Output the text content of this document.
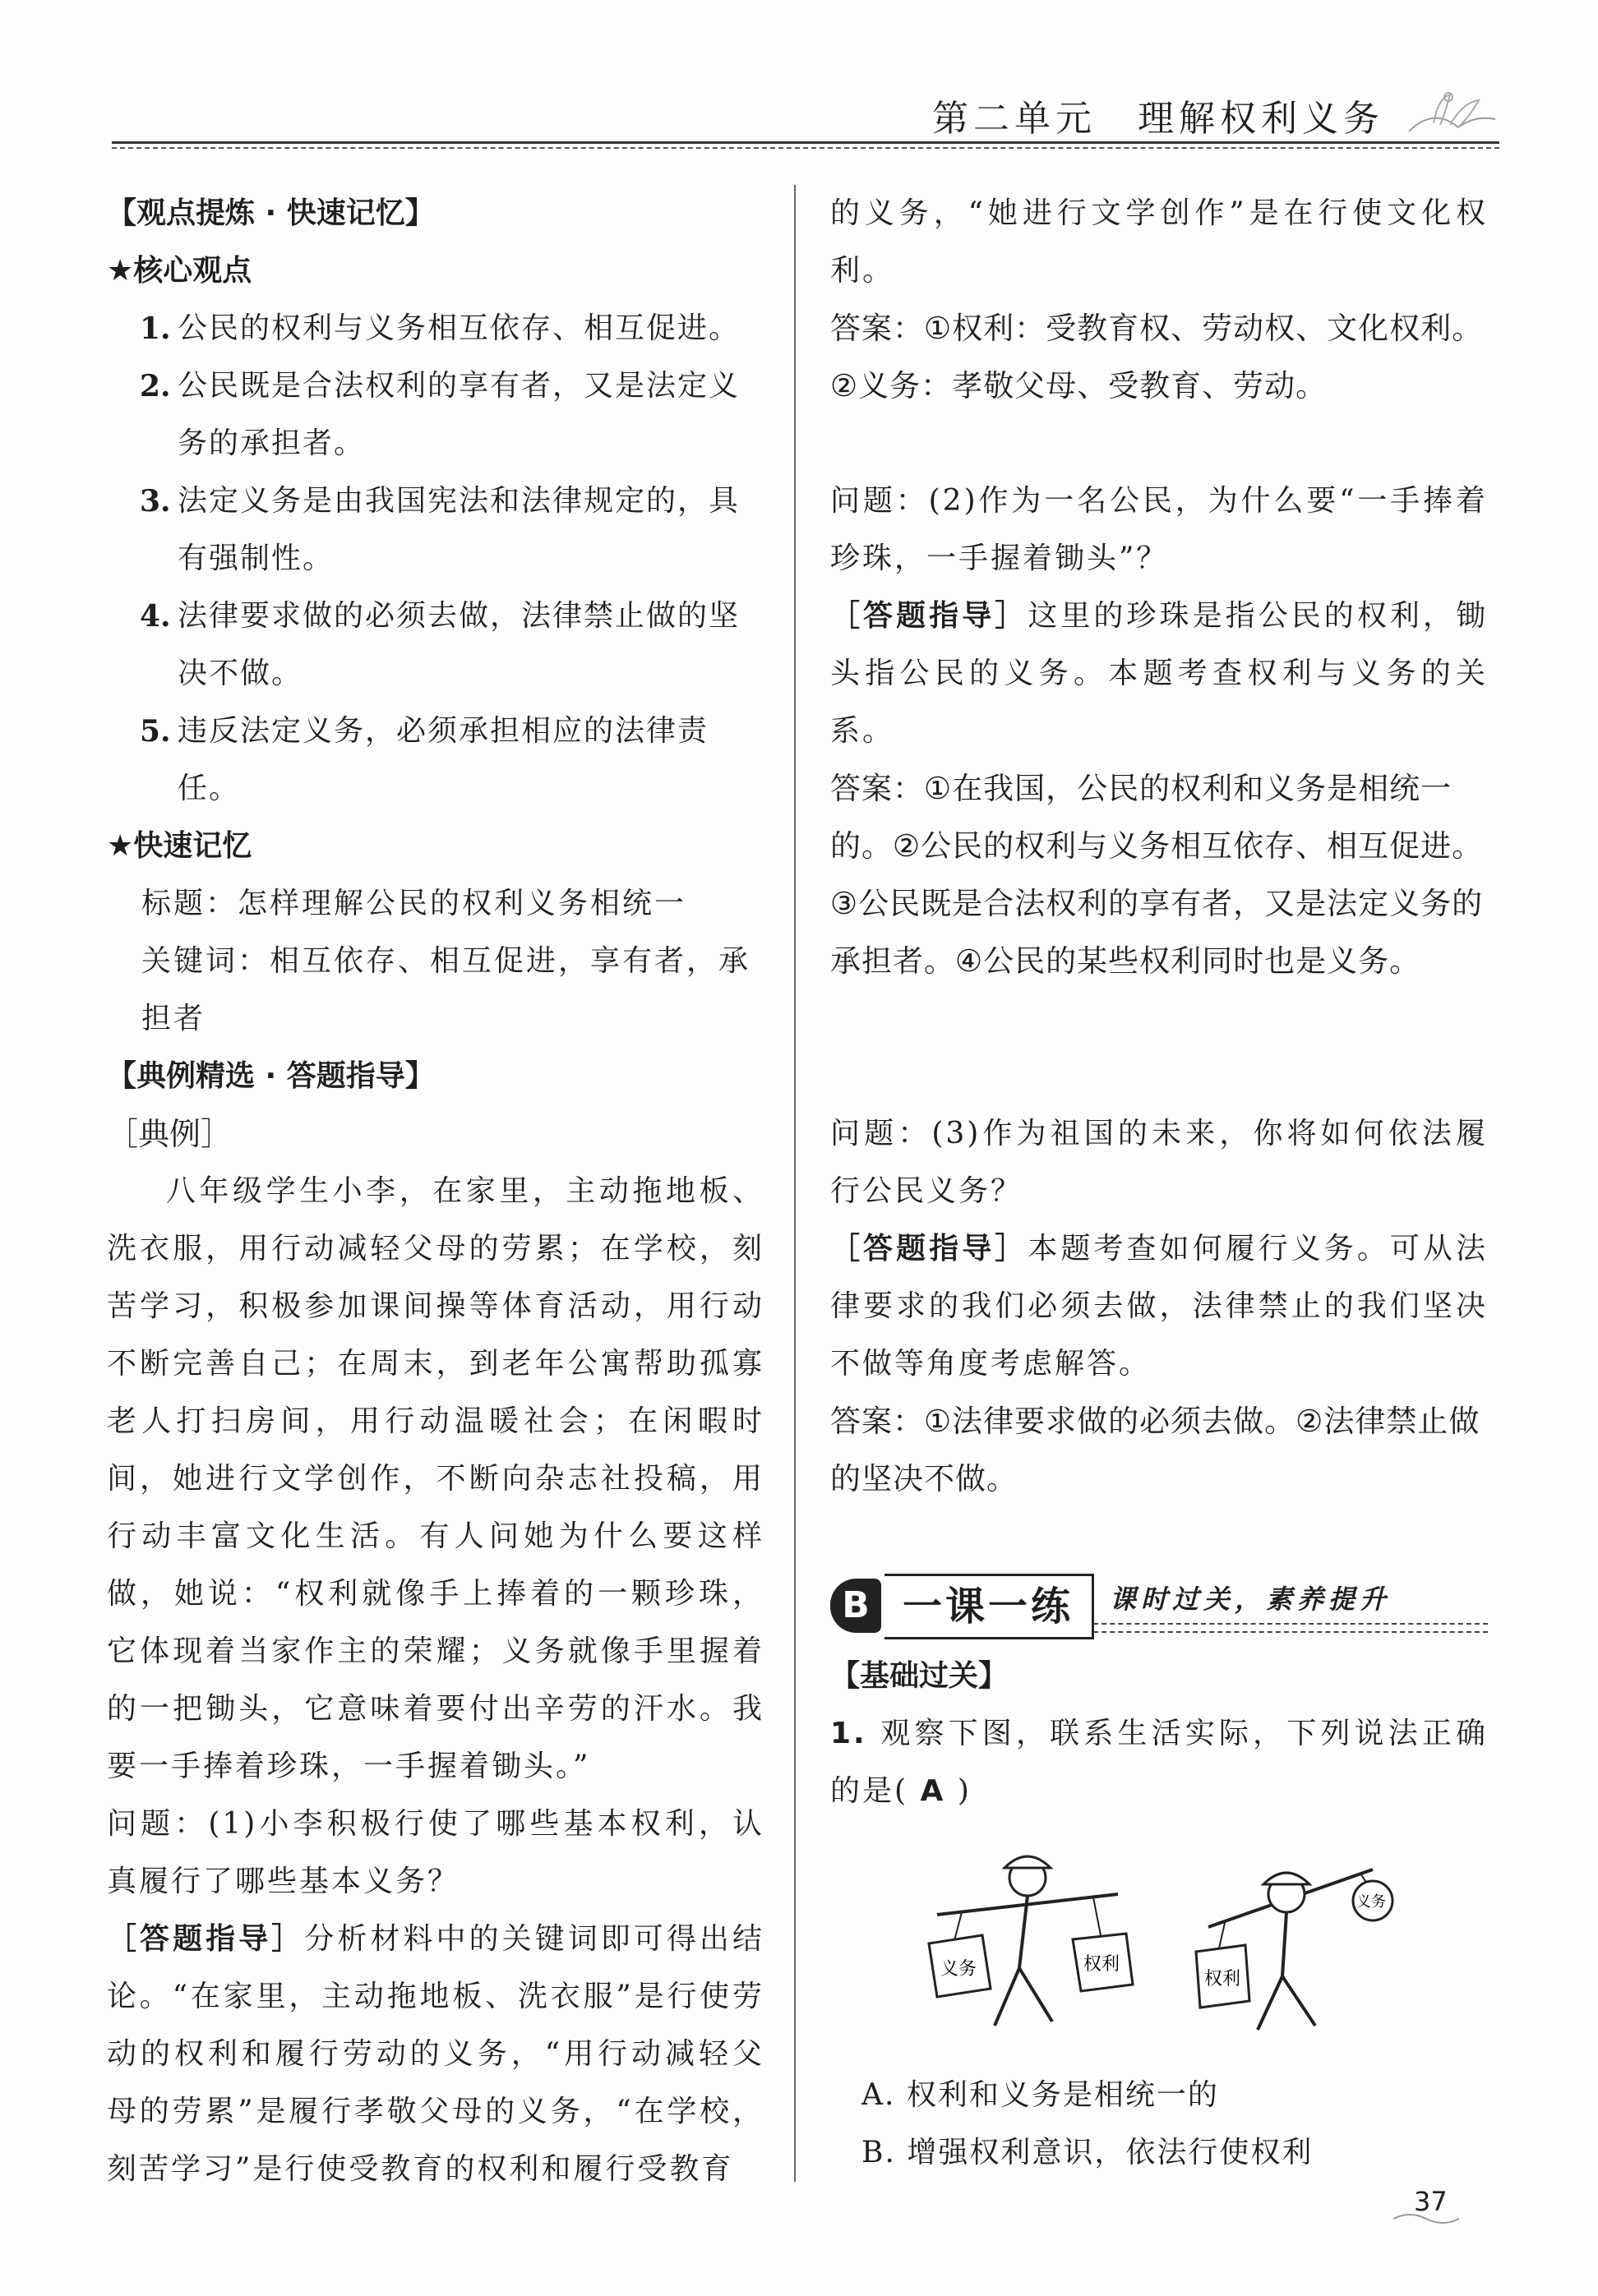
第二单元　理解权利义务

【观点提炼 · 快速记忆】

★核心观点

1. 公民的权利与义务相互依存、相互促进。
2. 公民既是合法权利的享有者，又是法定义务的承担者。
3. 法定义务是由我国宪法和法律规定的，具有强制性。
4. 法律要求做的必须去做，法律禁止做的坚决不做。
5. 违反法定义务，必须承担相应的法律责任。

★快速记忆

标题：怎样理解公民的权利义务相统一

关键词：相互依存、相互促进，享有者，承担者

【典例精选 · 答题指导】

［典例］

八年级学生小李，在家里，主动拖地板、洗衣服，用行动减轻父母的劳累；在学校，刻苦学习，积极参加课间操等体育活动，用行动不断完善自己；在周末，到老年公寓帮助孤寡老人打扫房间，用行动温暖社会；在闲暇时间，她进行文学创作，不断向杂志社投稿，用行动丰富文化生活。有人问她为什么要这样做，她说：“权利就像手上捧着的一颗珍珠，它体现着当家作主的荣耀；义务就像手里握着的一把锄头，它意味着要付出辛劳的汗水。我要一手捧着珍珠，一手握着锄头。”

问题：(1)小李积极行使了哪些基本权利，认真履行了哪些基本义务？

［答题指导］分析材料中的关键词即可得出结论。“在家里，主动拖地板、洗衣服”是行使劳动的权利和履行劳动的义务，“用行动减轻父母的劳累”是履行孝敬父母的义务，“在学校，刻苦学习”是行使受教育的权利和履行受教育

的义务，“她进行文学创作”是在行使文化权利。

答案：①权利：受教育权、劳动权、文化权利。

②义务：孝敬父母、受教育、劳动。

问题：(2)作为一名公民，为什么要“一手捧着珍珠，一手握着锄头”？

［答题指导］这里的珍珠是指公民的权利，锄头指公民的义务。本题考查权利与义务的关系。

答案：①在我国，公民的权利和义务是相统一的。②公民的权利与义务相互依存、相互促进。③公民既是合法权利的享有者，又是法定义务的承担者。④公民的某些权利同时也是义务。

问题：(3)作为祖国的未来，你将如何依法履行公民义务？

［答题指导］本题考查如何履行义务。可从法律要求的我们必须去做，法律禁止的我们坚决不做等角度考虑解答。

答案：①法律要求做的必须去做。②法律禁止做的坚决不做。

B 一课一练	课时过关，素养提升

【基础过关】

1. 观察下图，联系生活实际，下列说法正确的是( A )

义务	权利
权利
义务

A. 权利和义务是相统一的

B. 增强权利意识，依法行使权利

37
